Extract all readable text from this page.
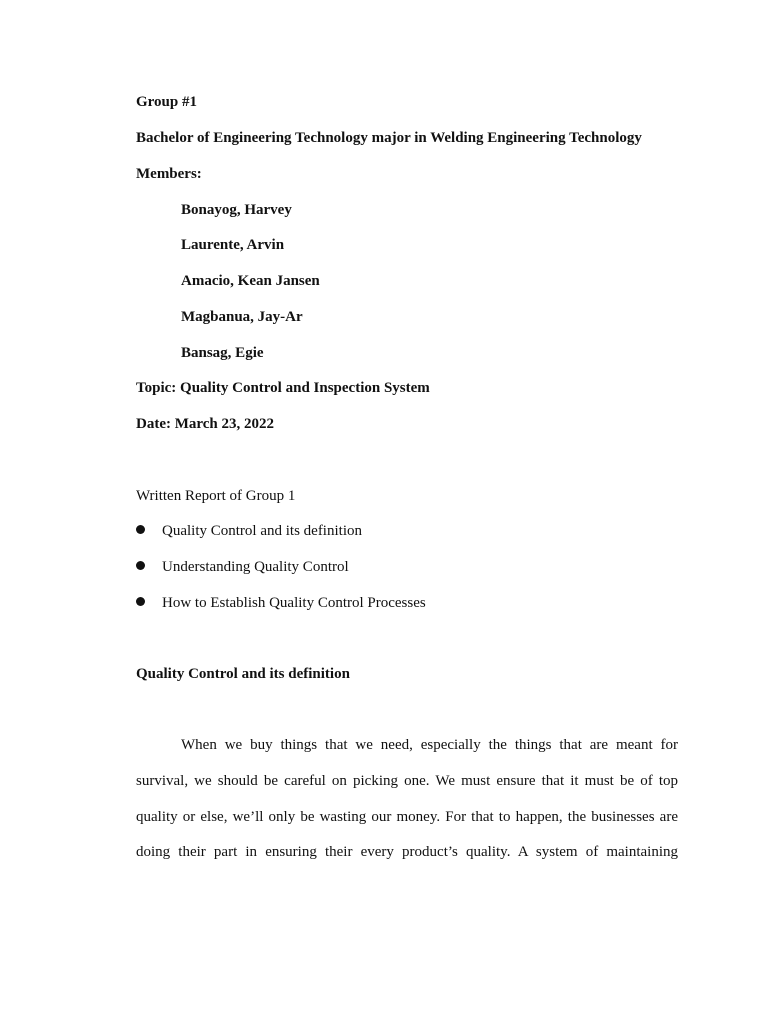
Group #1
Bachelor of Engineering Technology major in Welding Engineering Technology
Members:
Bonayog, Harvey
Laurente, Arvin
Amacio, Kean Jansen
Magbanua, Jay-Ar
Bansag, Egie
Topic: Quality Control and Inspection System
Date: March 23, 2022
Written Report of Group 1
Quality Control and its definition
Understanding Quality Control
How to Establish Quality Control Processes
Quality Control and its definition
When we buy things that we need, especially the things that are meant for
survival, we should be careful on picking one. We must ensure that it must be of top
quality or else, we’ll only be wasting our money. For that to happen, the businesses are
doing their part in ensuring their every product’s quality. A system of maintaining
